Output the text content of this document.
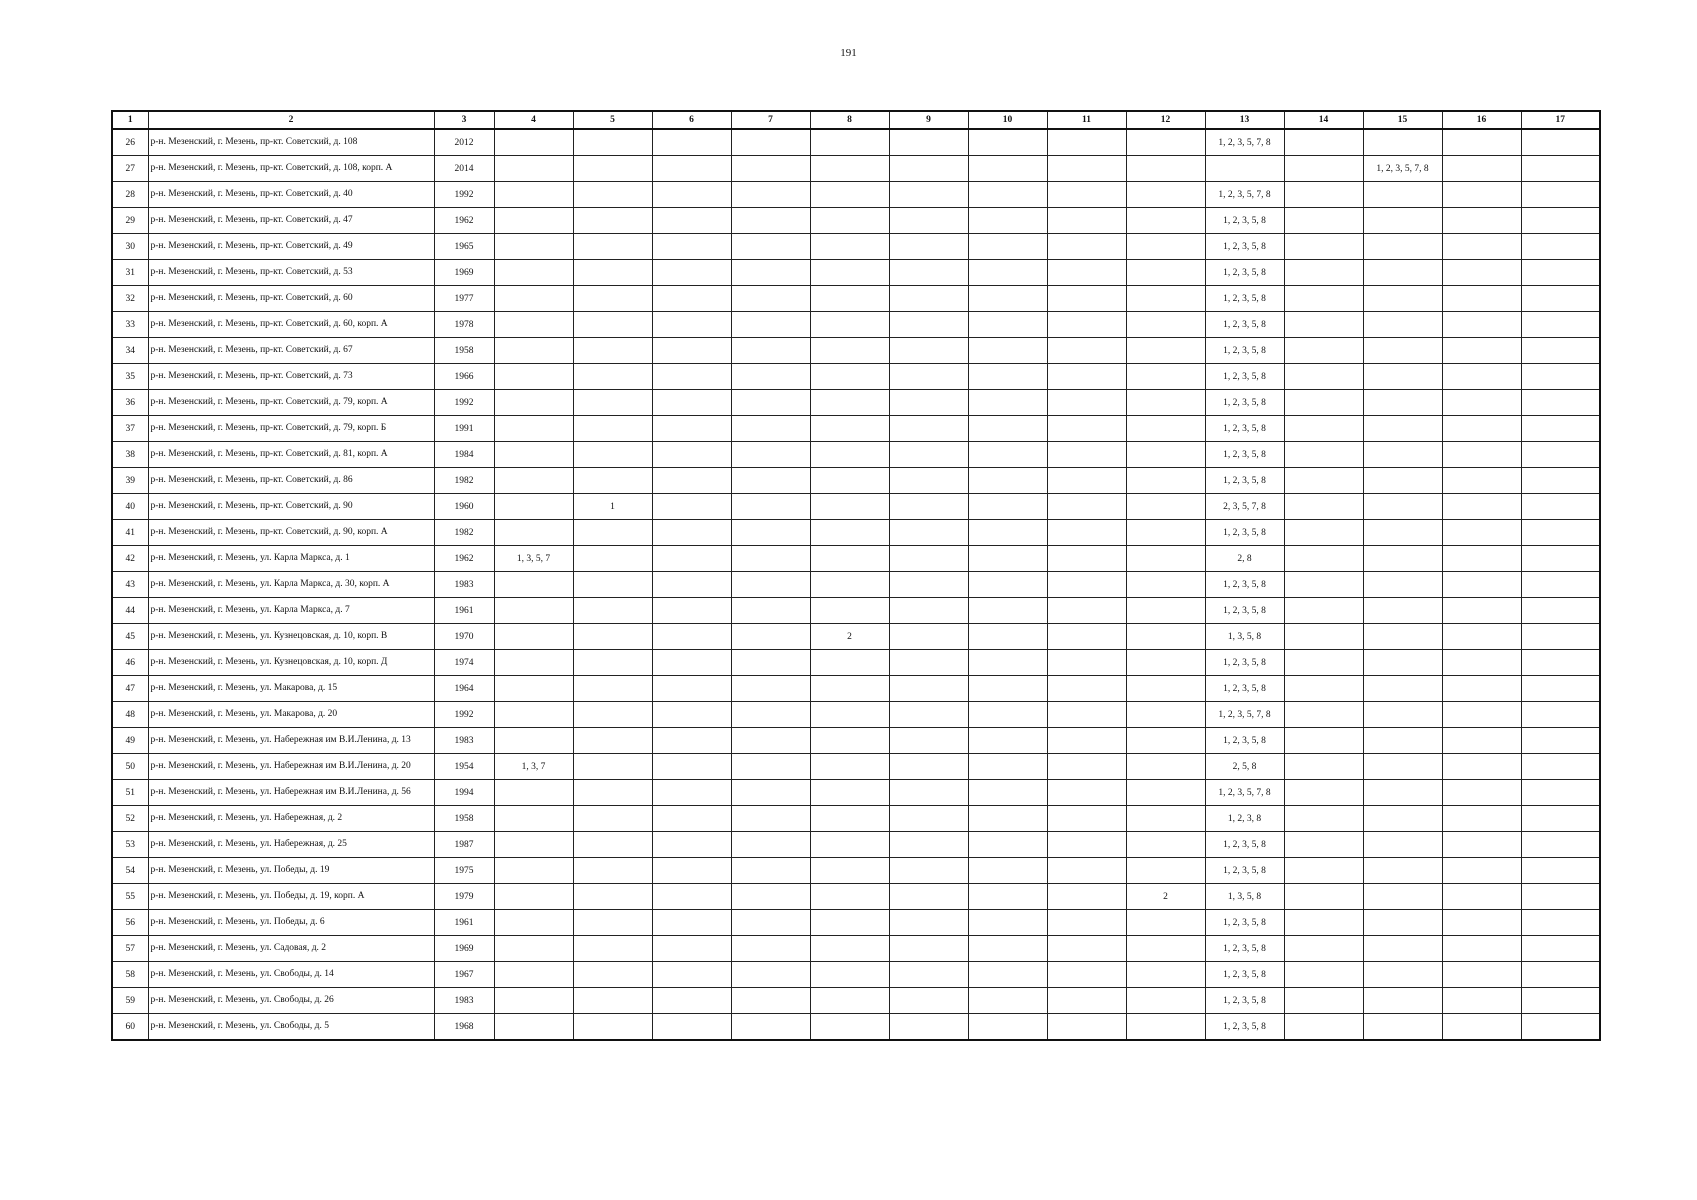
191
1	2	3	4	5	6	7	8	9	10	11	12	13	14	15	16	17
26	р-н. Мезенский, г. Мезень, пр-кт. Советский, д. 108	2012										1, 2, 3, 5, 7, 8				
27	р-н. Мезенский, г. Мезень, пр-кт. Советский, д. 108, корп. А	2014												1, 2, 3, 5, 7, 8		
28	р-н. Мезенский, г. Мезень, пр-кт. Советский, д. 40	1992										1, 2, 3, 5, 7, 8				
29	р-н. Мезенский, г. Мезень, пр-кт. Советский, д. 47	1962										1, 2, 3, 5, 8				
30	р-н. Мезенский, г. Мезень, пр-кт. Советский, д. 49	1965										1, 2, 3, 5, 8				
31	р-н. Мезенский, г. Мезень, пр-кт. Советский, д. 53	1969										1, 2, 3, 5, 8				
32	р-н. Мезенский, г. Мезень, пр-кт. Советский, д. 60	1977										1, 2, 3, 5, 8				
33	р-н. Мезенский, г. Мезень, пр-кт. Советский, д. 60, корп. А	1978										1, 2, 3, 5, 8				
34	р-н. Мезенский, г. Мезень, пр-кт. Советский, д. 67	1958										1, 2, 3, 5, 8				
35	р-н. Мезенский, г. Мезень, пр-кт. Советский, д. 73	1966										1, 2, 3, 5, 8				
36	р-н. Мезенский, г. Мезень, пр-кт. Советский, д. 79, корп. А	1992										1, 2, 3, 5, 8				
37	р-н. Мезенский, г. Мезень, пр-кт. Советский, д. 79, корп. Б	1991										1, 2, 3, 5, 8				
38	р-н. Мезенский, г. Мезень, пр-кт. Советский, д. 81, корп. А	1984										1, 2, 3, 5, 8				
39	р-н. Мезенский, г. Мезень, пр-кт. Советский, д. 86	1982										1, 2, 3, 5, 8				
40	р-н. Мезенский, г. Мезень, пр-кт. Советский, д. 90	1960		1								2, 3, 5, 7, 8				
41	р-н. Мезенский, г. Мезень, пр-кт. Советский, д. 90, корп. А	1982										1, 2, 3, 5, 8				
42	р-н. Мезенский, г. Мезень, ул. Карла Маркса, д. 1	1962	1, 3, 5, 7									2, 8				
43	р-н. Мезенский, г. Мезень, ул. Карла Маркса, д. 30, корп. А	1983										1, 2, 3, 5, 8				
44	р-н. Мезенский, г. Мезень, ул. Карла Маркса, д. 7	1961										1, 2, 3, 5, 8				
45	р-н. Мезенский, г. Мезень, ул. Кузнецовская, д. 10, корп. В	1970					2					1, 3, 5, 8				
46	р-н. Мезенский, г. Мезень, ул. Кузнецовская, д. 10, корп. Д	1974										1, 2, 3, 5, 8				
47	р-н. Мезенский, г. Мезень, ул. Макарова, д. 15	1964										1, 2, 3, 5, 8				
48	р-н. Мезенский, г. Мезень, ул. Макарова, д. 20	1992										1, 2, 3, 5, 7, 8				
49	р-н. Мезенский, г. Мезень, ул. Набережная им В.И.Ленина, д. 13	1983										1, 2, 3, 5, 8				
50	р-н. Мезенский, г. Мезень, ул. Набережная им В.И.Ленина, д. 20	1954	1, 3, 7									2, 5, 8				
51	р-н. Мезенский, г. Мезень, ул. Набережная им В.И.Ленина, д. 56	1994										1, 2, 3, 5, 7, 8				
52	р-н. Мезенский, г. Мезень, ул. Набережная, д. 2	1958										1, 2, 3, 8				
53	р-н. Мезенский, г. Мезень, ул. Набережная, д. 25	1987										1, 2, 3, 5, 8				
54	р-н. Мезенский, г. Мезень, ул. Победы, д. 19	1975										1, 2, 3, 5, 8				
55	р-н. Мезенский, г. Мезень, ул. Победы, д. 19, корп. А	1979									2	1, 3, 5, 8				
56	р-н. Мезенский, г. Мезень, ул. Победы, д. 6	1961										1, 2, 3, 5, 8				
57	р-н. Мезенский, г. Мезень, ул. Садовая, д. 2	1969										1, 2, 3, 5, 8				
58	р-н. Мезенский, г. Мезень, ул. Свободы, д. 14	1967										1, 2, 3, 5, 8				
59	р-н. Мезенский, г. Мезень, ул. Свободы, д. 26	1983										1, 2, 3, 5, 8				
60	р-н. Мезенский, г. Мезень, ул. Свободы, д. 5	1968										1, 2, 3, 5, 8				
